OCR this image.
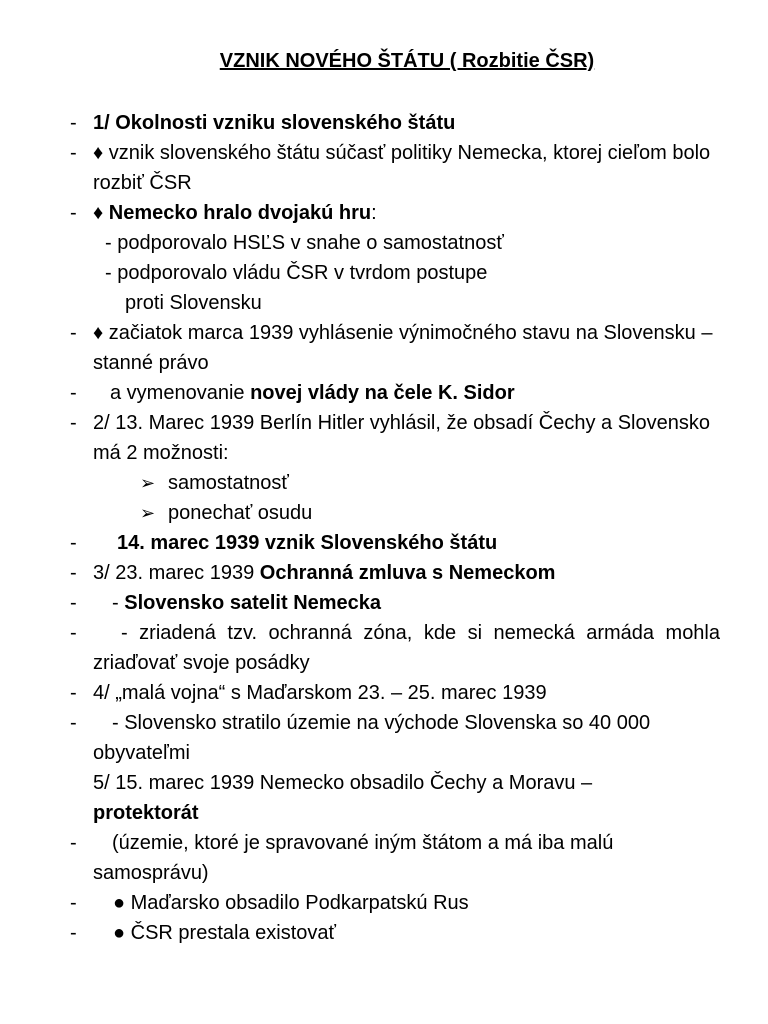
VZNIK NOVÉHO ŠTÁTU ( Rozbitie ČSR)
- 1/ Okolnosti vzniku slovenského štátu
- ♦ vznik slovenského štátu súčasť politiky Nemecka, ktorej cieľom bolo rozbiť ČSR
- ♦ Nemecko hralo dvojakú hru:
- podporovalo HSĽS v snahe o samostatnosť
- podporovalo vládu ČSR v tvrdom postupe
proti Slovensku
- ♦ začiatok marca 1939 vyhlásenie výnimočného stavu na Slovensku – stanné právo
-	a vymenovanie novej vlády na čele K. Sidor
- 2/ 13. Marec 1939 Berlín Hitler vyhlásil, že obsadí Čechy a Slovensko má 2 možnosti:
➢ samostatnosť
➢ ponechať osudu
-	14. marec 1939 vznik Slovenského štátu
- 3/ 23. marec 1939 Ochranná zmluva s Nemeckom
-	- Slovensko satelit Nemecka
-	- zriadená tzv. ochranná zóna, kde si nemecká armáda mohla zriaďovať svoje posádky
- 4/ „malá vojna“ s Maďarskom 23. – 25. marec 1939
-	- Slovensko stratilo územie na východe Slovenska so 40 000 obyvateľmi
5/ 15. marec 1939 Nemecko obsadilo Čechy a Moravu –
protektorát
-	(územie, ktoré je spravované iným štátom a má iba malú samosprávu)
-	● Maďarsko obsadilo Podkarpatskú Rus
-	● ČSR prestala existovať
